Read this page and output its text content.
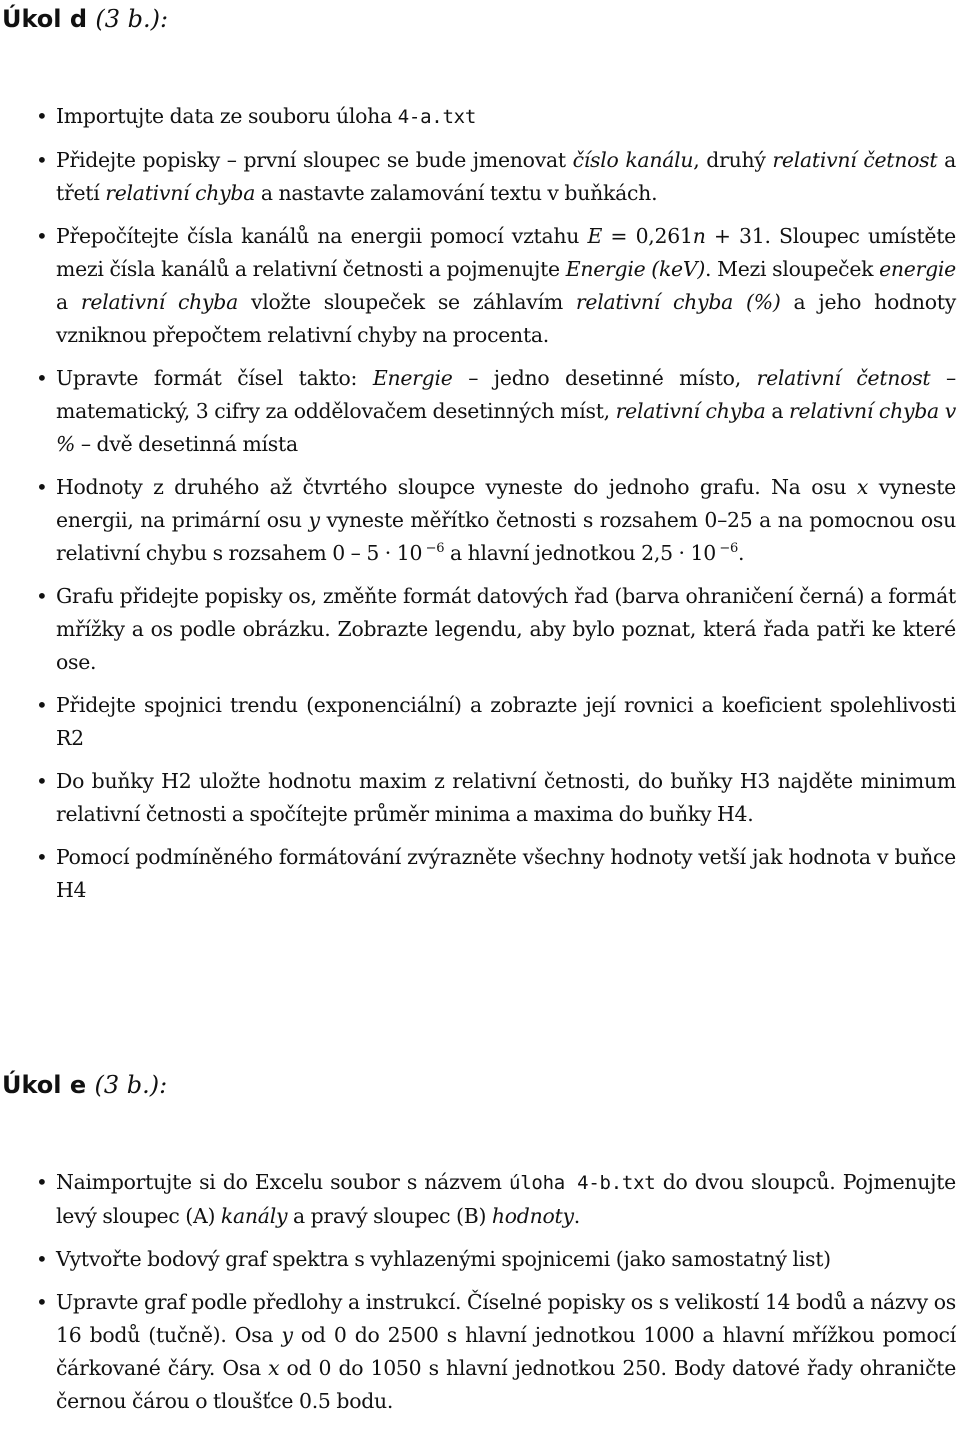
Úkol d (3 b.):
• Importujte data ze souboru úloha 4-a.txt
• Přidejte popisky – první sloupec se bude jmenovat číslo kanálu, druhý relativní četnost a třetí relativní chyba a nastavte zalamování textu v buňkách.
• Přepočítejte čísla kanálů na energii pomocí vztahu E = 0,261n + 31. Sloupec umístěte mezi čísla kanálů a relativní četnosti a pojmenujte Energie (keV). Mezi sloupeček energie a relativní chyba vložte sloupeček se záhlavím relativní chyba (%) a jeho hodnoty vzniknou přepočtem relativní chyby na procenta.
• Upravte formát čísel takto: Energie – jedno desetinné místo, relativní četnost – matematický, 3 cifry za oddělovačem desetinných míst, relativní chyba a relativní chyba v % – dvě desetinná místa
• Hodnoty z druhého až čtvrtého sloupce vyneste do jednoho grafu. Na osu x vyneste energii, na primární osu y vyneste měřítko četnosti s rozsahem 0–25 a na pomocnou osu relativní chybu s rozsahem 0 – 5 · 10 $^{-6}$ a hlavní jednotkou 2,5 · 10 $^{-6}$.
• Grafu přidejte popisky os, změňte formát datových řad (barva ohraničení černá) a formát mřížky a os podle obrázku. Zobrazte legendu, aby bylo poznat, která řada patři ke které ose.
• Přidejte spojnici trendu (exponenciální) a zobrazte její rovnici a koeficient spolehlivosti R2
• Do buňky H2 uložte hodnotu maxim z relativní četnosti, do buňky H3 najděte minimum relativní četnosti a spočítejte průměr minima a maxima do buňky H4.
• Pomocí podmíněného formátování zvýrazněte všechny hodnoty vetší jak hodnota v buňce H4
Úkol e (3 b.):
• Naimportujte si do Excelu soubor s názvem úloha 4-b.txt do dvou sloupců. Pojmenujte levý sloupec (A) kanály a pravý sloupec (B) hodnoty.
• Vytvořte bodový graf spektra s vyhlazenými spojnicemi (jako samostatný list)
• Upravte graf podle předlohy a instrukcí. Číselné popisky os s velikostí 14 bodů a názvy os 16 bodů (tučně). Osa y od 0 do 2500 s hlavní jednotkou 1000 a hlavní mřížkou pomocí čárkované čáry. Osa x od 0 do 1050 s hlavní jednotkou 250. Body datové řady ohraničte černou čárou o tloušťce 0.5 bodu.
